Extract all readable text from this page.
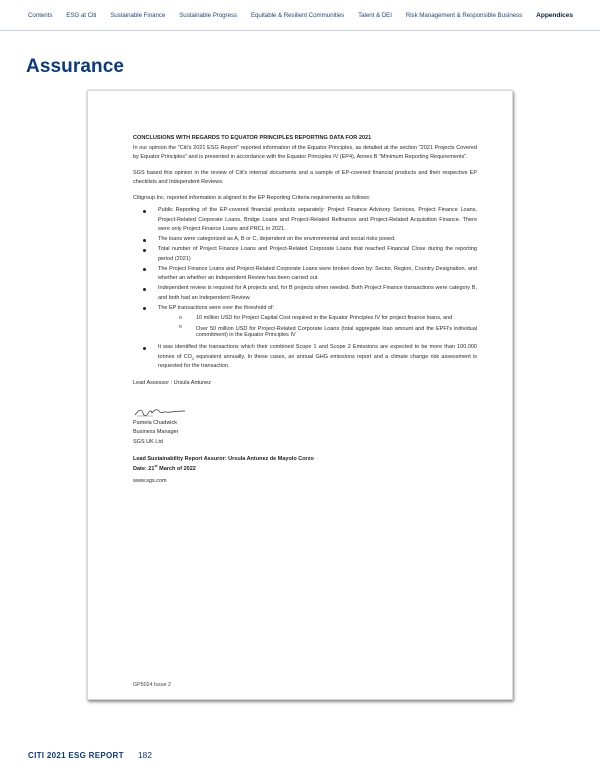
Contents ESG at Citi Sustainable Finance Sustainable Progress Equitable & Resilient Communities Talent & DEI Risk Management & Responsible Business Appendices
Assurance
CONCLUSIONS WITH REGARDS TO EQUATOR PRINCIPLES REPORTING DATA FOR 2021

In our opinion the "Citi's 2021 ESG Report" reported information of the Equator Principles, as detailed at the section "2021 Projects Covered by Equator Principles" and is presented in accordance with the Equator Principles IV (EP4), Annex B "Minimum Reporting Requirements".

SGS based this opinion in the review of Citi's internal documents and a sample of EP-covered financial products and their respective EP checklists and Independent Reviews.

Citigroup Inc. reported information is aligned to the EP Reporting Criteria requirements as follows:

Public Reporting of the EP-covered financial products separately: Project Finance Advisory Services, Project Finance Loans, Project-Related Corporate Loans, Bridge Loans and Project-Related Refinance and Project-Related Acquisition Finance. There were only Project Finance Loans and PRCL in 2021.
The loans were categorized as A, B or C, dependent on the environmental and social risks posed.
Total number of Project Finance Loans and Project-Related Corporate Loans that reached Financial Close during the reporting period (2021)
The Project Finance Loans and Project-Related Corporate Loans were broken down by: Sector, Region, Country Designation, and whether an whether an Independent Review has been carried out.
Independent review is required for A projects and, for B projects when needed. Both Project Finance transactions were category B, and both had an Independent Review.
The EP transactions were over the threshold of:
o	10 million USD for Project Capital Cost required in the Equator Principles IV for project finance loans, and
o	Over 50 million USD for Project-Related Corporate Loans (total aggregate loan amount and the EPFI's individual commitment) in the Equator Principles IV
It was identified the transactions which their combined Scope 1 and Scope 2 Emissions are expected to be more than 100,000 tonnes of $CO_2$ equivalent annually. In these cases, an annual GHG emissions report and a climate change risk assessment is requested for the transaction.

Lead Assessor : Ursula Antunez

Pamela Chadwick

Business Manager

SGS UK Ltd

Lead Sustainability Report Assuror: Ursula Antunez de Mayolo Corzo

Date: 21st March of 2022

www.sgs.com

GP5024 Issue 2
CITI 2021 ESG REPORT 182
